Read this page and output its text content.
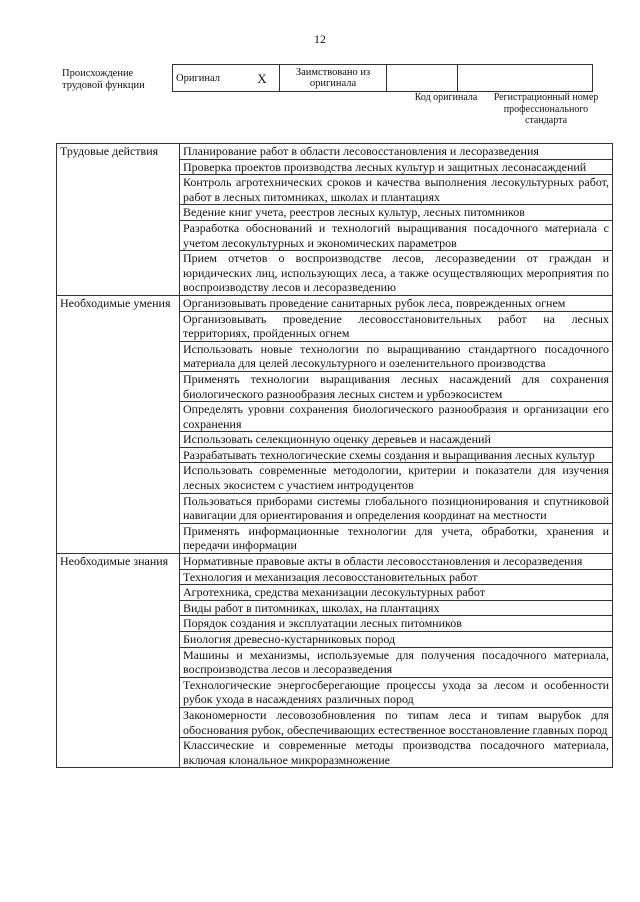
12
Происхождение трудовой функции
Оригинал	X	Заимствовано из оригинала		
Код оригинала	Регистрационный номер профессионального стандарта
Трудовые действия	Планирование работ в области лесовосстановления и лесоразведения
	Проверка проектов производства лесных культур и защитных лесонасаждений
	Контроль агротехнических сроков и качества выполнения лесокультурных работ, работ в лесных питомниках, школах и плантациях
	Ведение книг учета, реестров лесных культур, лесных питомников
	Разработка обоснований и технологий выращивания посадочного материала с учетом лесокультурных и экономических параметров
	Прием отчетов о воспроизводстве лесов, лесоразведении от граждан и юридических лиц, использующих леса, а также осуществляющих мероприятия по воспроизводству лесов и лесоразведению
Необходимые умения	Организовывать проведение санитарных рубок леса, поврежденных огнем
	Организовывать проведение лесовосстановительных работ на лесных территориях, пройденных огнем
	Использовать новые технологии по выращиванию стандартного посадочного материала для целей лесокультурного и озеленительного производства
	Применять технологии выращивания лесных насаждений для сохранения биологического разнообразия лесных систем и урбоэкосистем
	Определять уровни сохранения биологического разнообразия и организации его сохранения
	Использовать селекционную оценку деревьев и насаждений
	Разрабатывать технологические схемы создания и выращивания лесных культур
	Использовать современные методологии, критерии и показатели для изучения лесных экосистем с участием интродуцентов
	Пользоваться приборами системы глобального позиционирования и спутниковой навигации для ориентирования и определения координат на местности
	Применять информационные технологии для учета, обработки, хранения и передачи информации
Необходимые знания	Нормативные правовые акты в области лесовосстановления и лесоразведения
	Технология и механизация лесовосстановительных работ
	Агротехника, средства механизации лесокультурных работ
	Виды работ в питомниках, школах, на плантациях
	Порядок создания и эксплуатации лесных питомников
	Биология древесно-кустарниковых пород
	Машины и механизмы, используемые для получения посадочного материала, воспроизводства лесов и лесоразведения
	Технологические энергосберегающие процессы ухода за лесом и особенности рубок ухода в насаждениях различных пород
	Закономерности лесовозобновления по типам леса и типам вырубок для обоснования рубок, обеспечивающих естественное восстановление главных пород
	Классические и современные методы производства посадочного материала, включая клональное микроразмножение
